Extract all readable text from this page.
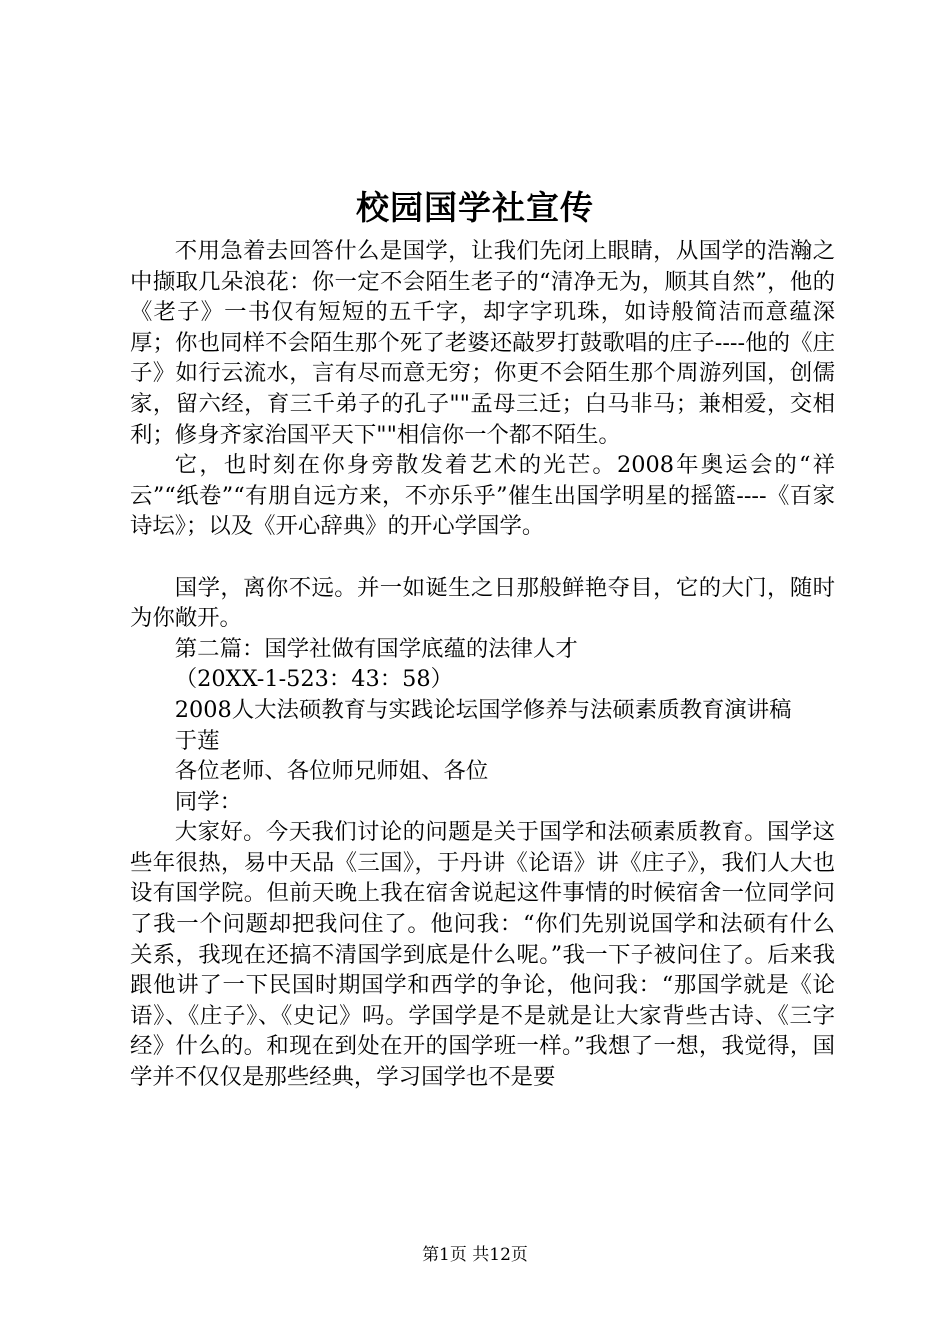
校园国学社宣传

不用急着去回答什么是国学，让我们先闭上眼睛，从国学的浩瀚之中撷取几朵浪花：你一定不会陌生老子的“清净无为，顺其自然”，他的《老子》一书仅有短短的五千字，却字字玑珠，如诗般简洁而意蕴深厚；你也同样不会陌生那个死了老婆还敲罗打鼓歌唱的庄子----他的《庄子》如行云流水，言有尽而意无穷；你更不会陌生那个周游列国，创儒家，留六经，育三千弟子的孔子""孟母三迁；白马非马；兼相爱，交相利；修身齐家治国平天下""相信你一个都不陌生。

它，也时刻在你身旁散发着艺术的光芒。2008年奥运会的“祥云”“纸卷”“有朋自远方来，不亦乐乎”催生出国学明星的摇篮----《百家诗坛》；以及《开心辞典》的开心学国学。

国学，离你不远。并一如诞生之日那般鲜艳夺目，它的大门，随时为你敞开。

第二篇：国学社做有国学底蕴的法律人才

（20XX-1-523：43：58）

2008人大法硕教育与实践论坛国学修养与法硕素质教育演讲稿

于莲

各位老师、各位师兄师姐、各位

同学：

大家好。今天我们讨论的问题是关于国学和法硕素质教育。国学这些年很热，易中天品《三国》，于丹讲《论语》讲《庄子》，我们人大也设有国学院。但前天晚上我在宿舍说起这件事情的时候宿舍一位同学问了我一个问题却把我问住了。他问我：“你们先别说国学和法硕有什么关系，我现在还搞不清国学到底是什么呢。”我一下子被问住了。后来我跟他讲了一下民国时期国学和西学的争论，他问我：“那国学就是《论语》、《庄子》、《史记》吗。学国学是不是就是让大家背些古诗、《三字经》什么的。和现在到处在开的国学班一样。”我想了一想，我觉得，国学并不仅仅是那些经典，学习国学也不是要

第1页 共12页
